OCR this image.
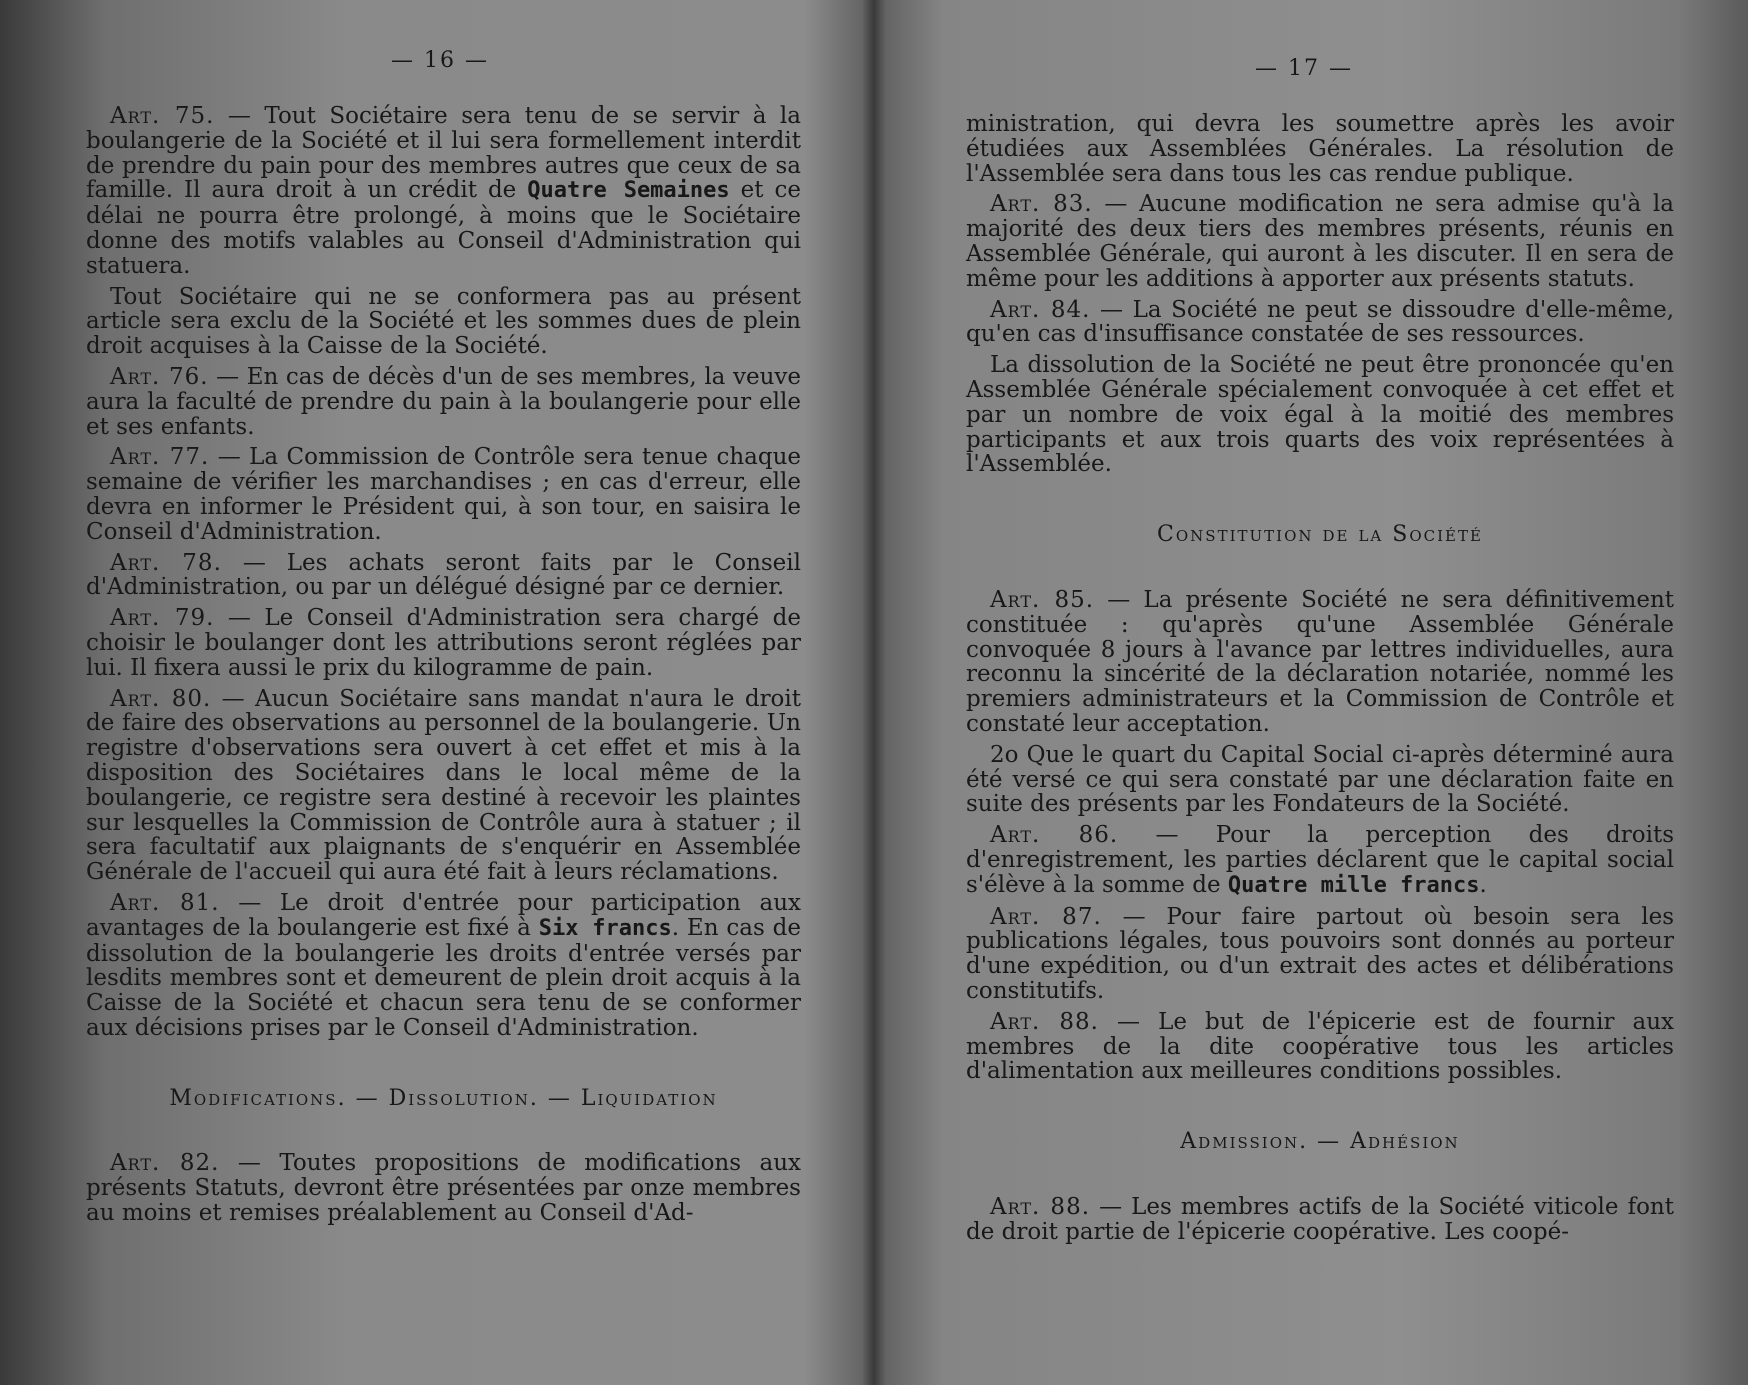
— 16 —

Art. 75. — Tout Sociétaire sera tenu de se servir à la boulangerie de la Société et il lui sera formellement interdit de prendre du pain pour des membres autres que ceux de sa famille. Il aura droit à un crédit de Quatre Semaines et ce délai ne pourra être prolongé, à moins que le Sociétaire donne des motifs valables au Conseil d'Administration qui statuera.

Tout Sociétaire qui ne se conformera pas au présent article sera exclu de la Société et les sommes dues de plein droit acquises à la Caisse de la Société.

Art. 76. — En cas de décès d'un de ses membres, la veuve aura la faculté de prendre du pain à la boulangerie pour elle et ses enfants.

Art. 77. — La Commission de Contrôle sera tenue chaque semaine de vérifier les marchandises ; en cas d'erreur, elle devra en informer le Président qui, à son tour, en saisira le Conseil d'Administration.

Art. 78. — Les achats seront faits par le Conseil d'Administration, ou par un délégué désigné par ce dernier.

Art. 79. — Le Conseil d'Administration sera chargé de choisir le boulanger dont les attributions seront réglées par lui. Il fixera aussi le prix du kilogramme de pain.

Art. 80. — Aucun Sociétaire sans mandat n'aura le droit de faire des observations au personnel de la boulangerie. Un registre d'observations sera ouvert à cet effet et mis à la disposition des Sociétaires dans le local même de la boulangerie, ce registre sera destiné à recevoir les plaintes sur lesquelles la Commission de Contrôle aura à statuer ; il sera facultatif aux plaignants de s'enquérir en Assemblée Générale de l'accueil qui aura été fait à leurs réclamations.

Art. 81. — Le droit d'entrée pour participation aux avantages de la boulangerie est fixé à Six francs. En cas de dissolution de la boulangerie les droits d'entrée versés par lesdits membres sont et demeurent de plein droit acquis à la Caisse de la Société et chacun sera tenu de se conformer aux décisions prises par le Conseil d'Administration.

Modifications. — Dissolution. — Liquidation

Art. 82. — Toutes propositions de modifications aux présents Statuts, devront être présentées par onze membres au moins et remises préalablement au Conseil d'Ad-

— 17 —

ministration, qui devra les soumettre après les avoir étudiées aux Assemblées Générales. La résolution de l'Assemblée sera dans tous les cas rendue publique.

Art. 83. — Aucune modification ne sera admise qu'à la majorité des deux tiers des membres présents, réunis en Assemblée Générale, qui auront à les discuter. Il en sera de même pour les additions à apporter aux présents statuts.

Art. 84. — La Société ne peut se dissoudre d'elle-même, qu'en cas d'insuffisance constatée de ses ressources.

La dissolution de la Société ne peut être prononcée qu'en Assemblée Générale spécialement convoquée à cet effet et par un nombre de voix égal à la moitié des membres participants et aux trois quarts des voix représentées à l'Assemblée.

Constitution de la Société

Art. 85. — La présente Société ne sera définitivement constituée : qu'après qu'une Assemblée Générale convoquée 8 jours à l'avance par lettres individuelles, aura reconnu la sincérité de la déclaration notariée, nommé les premiers administrateurs et la Commission de Contrôle et constaté leur acceptation.

2o Que le quart du Capital Social ci-après déterminé aura été versé ce qui sera constaté par une déclaration faite en suite des présents par les Fondateurs de la Société.

Art. 86. — Pour la perception des droits d'enregistrement, les parties déclarent que le capital social s'élève à la somme de Quatre mille francs.

Art. 87. — Pour faire partout où besoin sera les publications légales, tous pouvoirs sont donnés au porteur d'une expédition, ou d'un extrait des actes et délibérations constitutifs.

Art. 88. — Le but de l'épicerie est de fournir aux membres de la dite coopérative tous les articles d'alimentation aux meilleures conditions possibles.

Admission. — Adhésion

Art. 88. — Les membres actifs de la Société viticole font de droit partie de l'épicerie coopérative. Les coopé-
